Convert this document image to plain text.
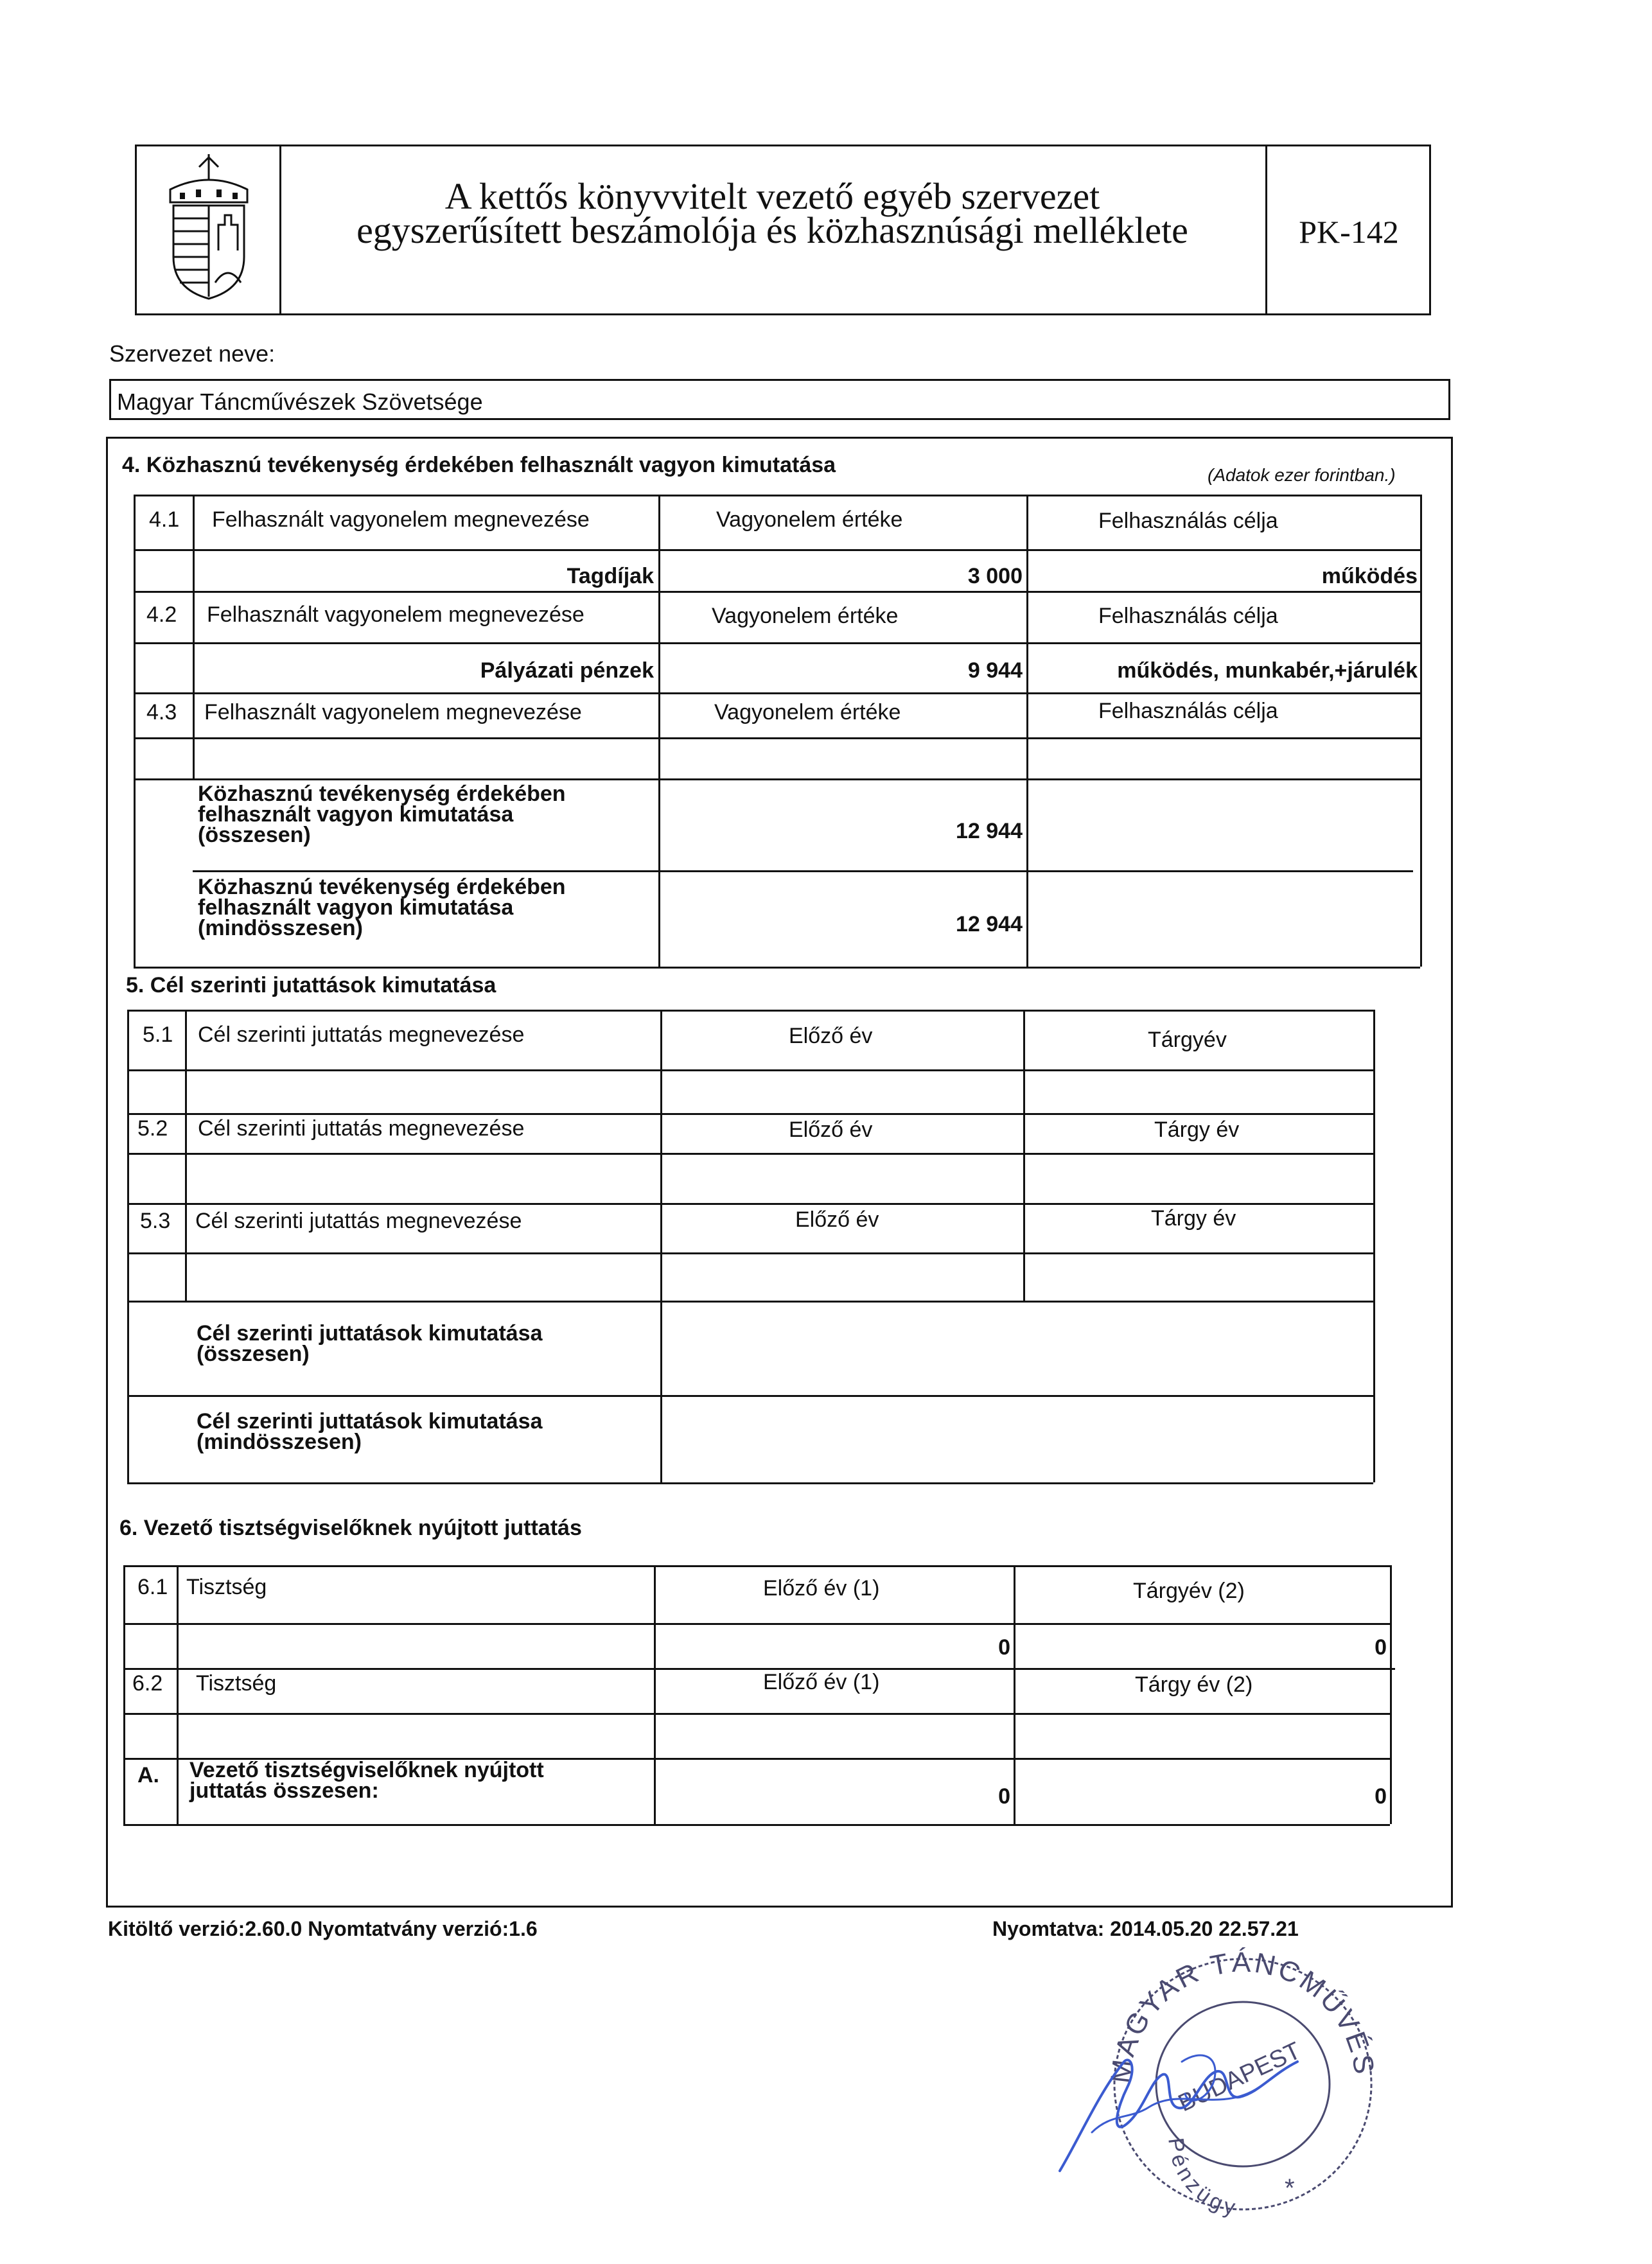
A kettős könyvvitelt vezető egyéb szervezet
egyszerűsített beszámolója és közhasznúsági melléklete	PK-142
Szervezet neve:
Magyar Táncművészek Szövetsége
4. Közhasznú tevékenység érdekében felhasznált vagyon kimutatása	(Adatok ezer forintban.)
4.1 Felhasznált vagyonelem megnevezése	Vagyonelem értéke	Felhasználás célja
Tagdíjak	3 000	működés
4.2 Felhasznált vagyonelem megnevezése	Vagyonelem értéke	Felhasználás célja
Pályázati pénzek	9 944	működés, munkabér,+járulék
4.3 Felhasznált vagyonelem megnevezése	Vagyonelem értéke	Felhasználás célja
Közhasznú tevékenység érdekében
felhasznált vagyon kimutatása
(összesen)	12 944
Közhasznú tevékenység érdekében
felhasznált vagyon kimutatása
(mindösszesen)	12 944
5. Cél szerinti jutattások kimutatása
5.1 Cél szerinti juttatás megnevezése	Előző év	Tárgyév
5.2 Cél szerinti juttatás megnevezése	Előző év	Tárgy év
5.3 Cél szerinti jutattás megnevezése	Előző év	Tárgy év
Cél szerinti juttatások kimutatása
(összesen)
Cél szerinti juttatások kimutatása
(mindösszesen)
6. Vezető tisztségviselőknek nyújtott juttatás
6.1 Tisztség	Előző év (1)	Tárgyév (2)
0	0
6.2 Tisztség	Előző év (1)	Tárgy év (2)
A. Vezető tisztségviselőknek nyújtott
juttatás összesen:	0	0
Kitöltő verzió:2.60.0 Nyomtatvány verzió:1.6	Nyomtatva: 2014.05.20 22.57.21
MAGYAR TÁNCMŰVÉS
BUDAPEST
Pénzügy
*
